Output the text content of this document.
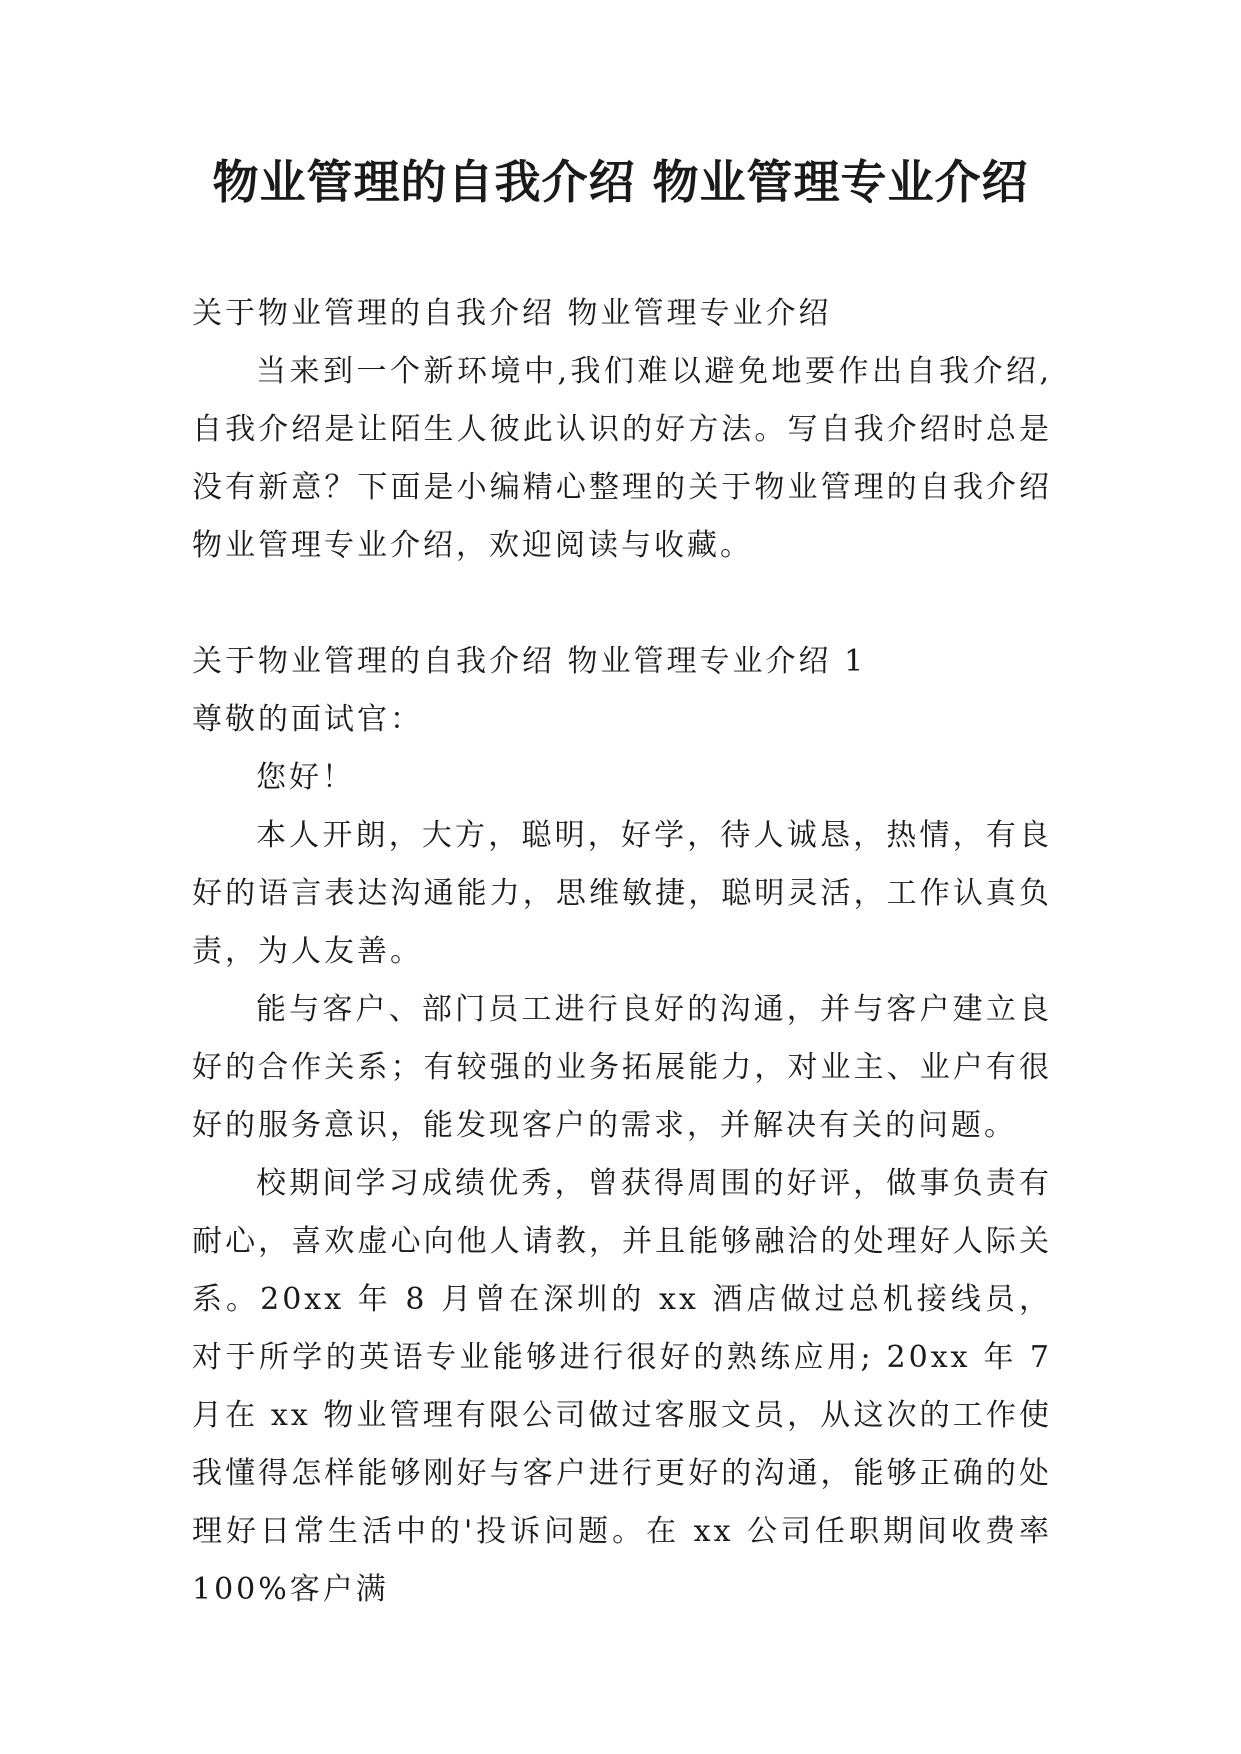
物业管理的自我介绍 物业管理专业介绍

关于物业管理的自我介绍 物业管理专业介绍

当来到一个新环境中,我们难以避免地要作出自我介绍,自我介绍是让陌生人彼此认识的好方法。写自我介绍时总是没有新意？下面是小编精心整理的关于物业管理的自我介绍 物业管理专业介绍，欢迎阅读与收藏。

关于物业管理的自我介绍 物业管理专业介绍 1

尊敬的面试官：

您好！

本人开朗，大方，聪明，好学，待人诚恳，热情，有良好的语言表达沟通能力，思维敏捷，聪明灵活，工作认真负责，为人友善。

能与客户、部门员工进行良好的沟通，并与客户建立良好的合作关系；有较强的业务拓展能力，对业主、业户有很好的服务意识，能发现客户的需求，并解决有关的问题。

校期间学习成绩优秀，曾获得周围的好评，做事负责有耐心，喜欢虚心向他人请教，并且能够融洽的处理好人际关系。20xx 年 8 月曾在深圳的 xx 酒店做过总机接线员，对于所学的英语专业能够进行很好的熟练应用; 20xx 年 7 月在 xx 物业管理有限公司做过客服文员，从这次的工作使我懂得怎样能够刚好与客户进行更好的沟通，能够正确的处理好日常生活中的'投诉问题。在 xx 公司任职期间收费率 100%客户满
